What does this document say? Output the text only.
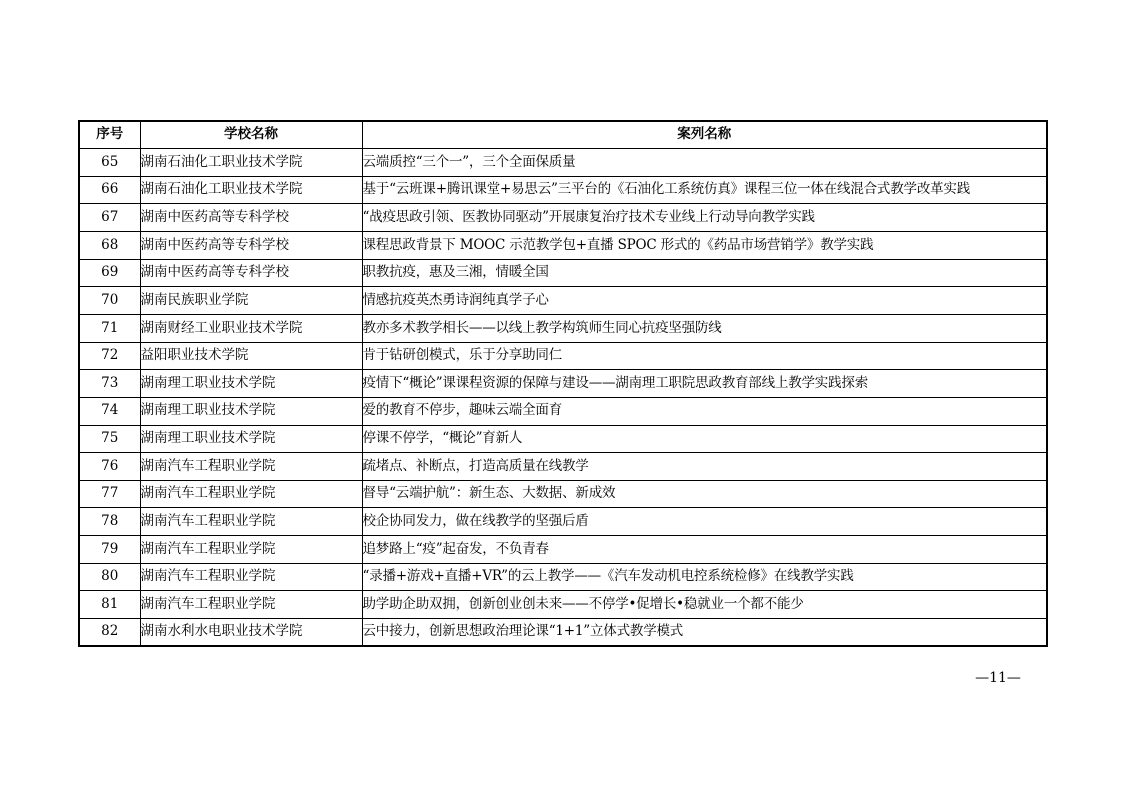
序号	学校名称	案列名称
65	湖南石油化工职业技术学院	云端质控“三个一”，三个全面保质量
66	湖南石油化工职业技术学院	基于“云班课+腾讯课堂+易思云”三平台的《石油化工系统仿真》课程三位一体在线混合式教学改革实践
67	湖南中医药高等专科学校	“战疫思政引领、医教协同驱动”开展康复治疗技术专业线上行动导向教学实践
68	湖南中医药高等专科学校	课程思政背景下 MOOC 示范教学包+直播 SPOC 形式的《药品市场营销学》教学实践
69	湖南中医药高等专科学校	职教抗疫，惠及三湘，情暖全国
70	湖南民族职业学院	情感抗疫英杰勇诗润纯真学子心
71	湖南财经工业职业技术学院	教亦多术教学相长——以线上教学构筑师生同心抗疫坚强防线
72	益阳职业技术学院	肯于钻研创模式，乐于分享助同仁
73	湖南理工职业技术学院	疫情下“概论”课课程资源的保障与建设——湖南理工职院思政教育部线上教学实践探索
74	湖南理工职业技术学院	爱的教育不停步，趣味云端全面育
75	湖南理工职业技术学院	停课不停学，“概论”育新人
76	湖南汽车工程职业学院	疏堵点、补断点，打造高质量在线教学
77	湖南汽车工程职业学院	督导“云端护航”：新生态、大数据、新成效
78	湖南汽车工程职业学院	校企协同发力，做在线教学的坚强后盾
79	湖南汽车工程职业学院	追梦路上“疫”起奋发，不负青春
80	湖南汽车工程职业学院	“录播+游戏+直播+VR”的云上教学——《汽车发动机电控系统检修》在线教学实践
81	湖南汽车工程职业学院	助学助企助双拥，创新创业创未来——不停学•促增长•稳就业一个都不能少
82	湖南水利水电职业技术学院	云中接力，创新思想政治理论课“1+1”立体式教学模式
—11—
